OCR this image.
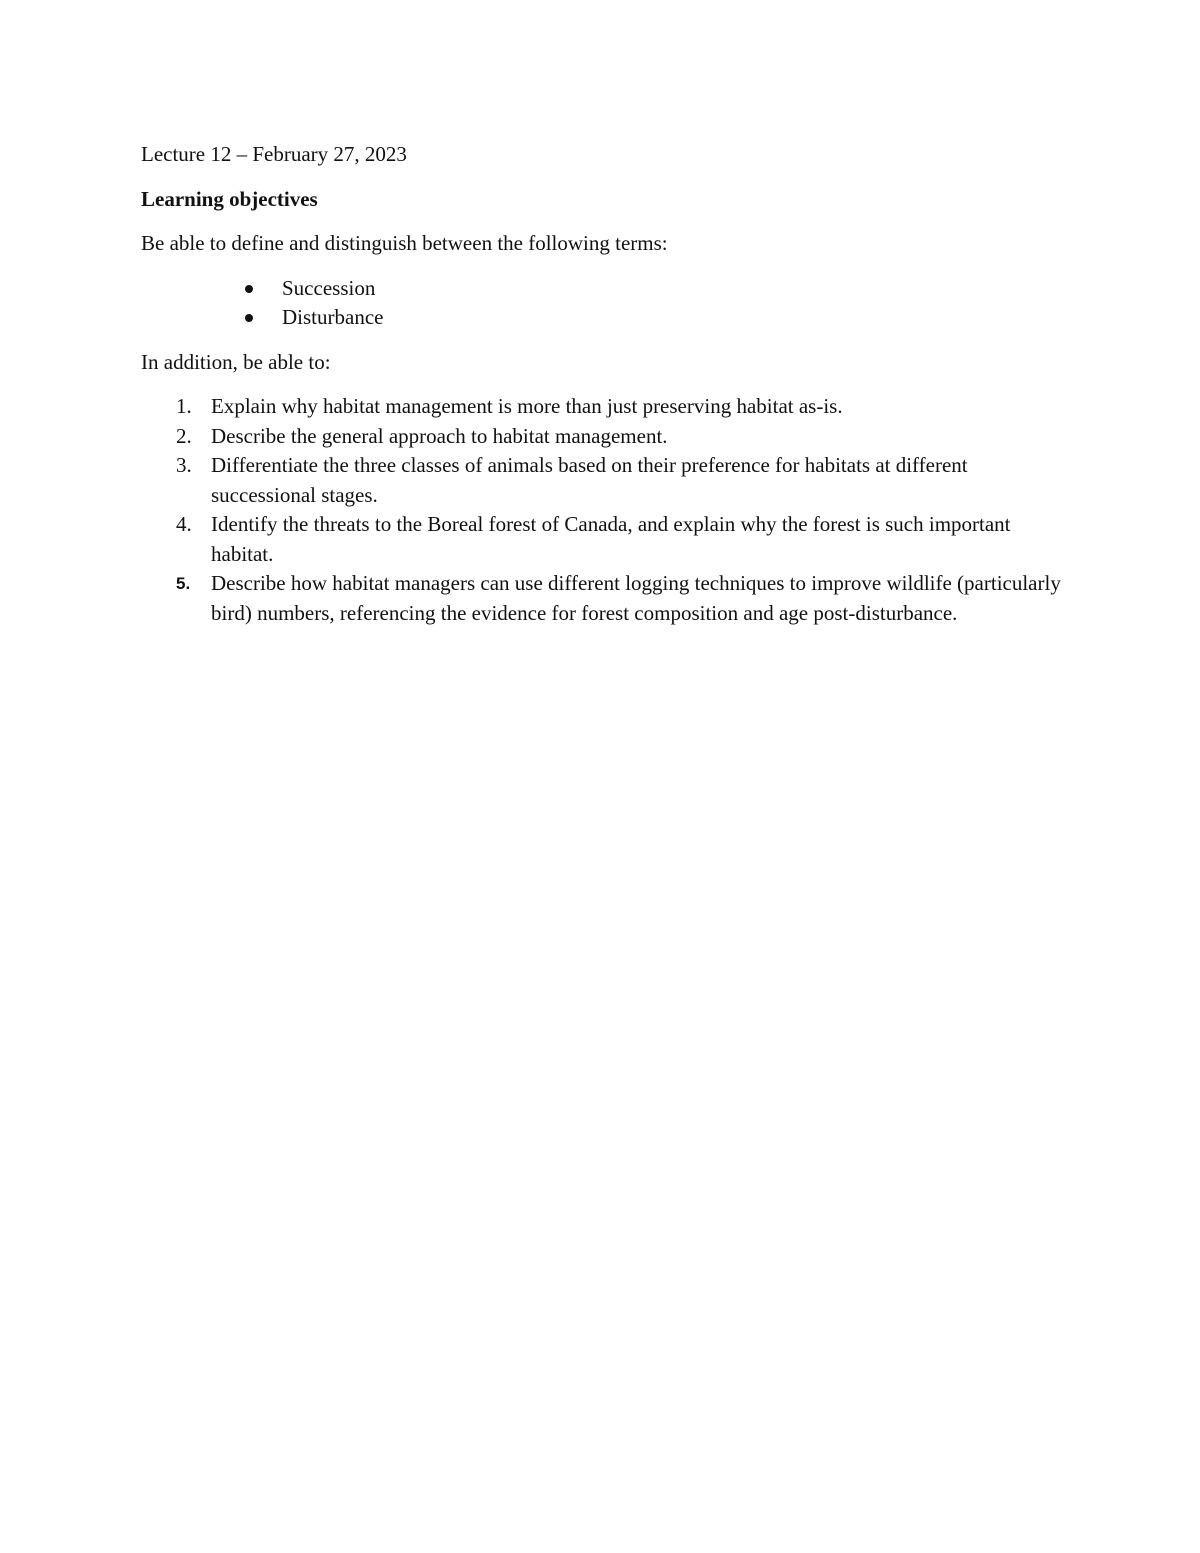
Lecture 12 – February 27, 2023

Learning objectives

Be able to define and distinguish between the following terms:

Succession
Disturbance

In addition, be able to:

1. Explain why habitat management is more than just preserving habitat as-is.
2. Describe the general approach to habitat management.
3. Differentiate the three classes of animals based on their preference for habitats at different successional stages.
4. Identify the threats to the Boreal forest of Canada, and explain why the forest is such important habitat.
5. Describe how habitat managers can use different logging techniques to improve wildlife (particularly bird) numbers, referencing the evidence for forest composition and age post-disturbance.
